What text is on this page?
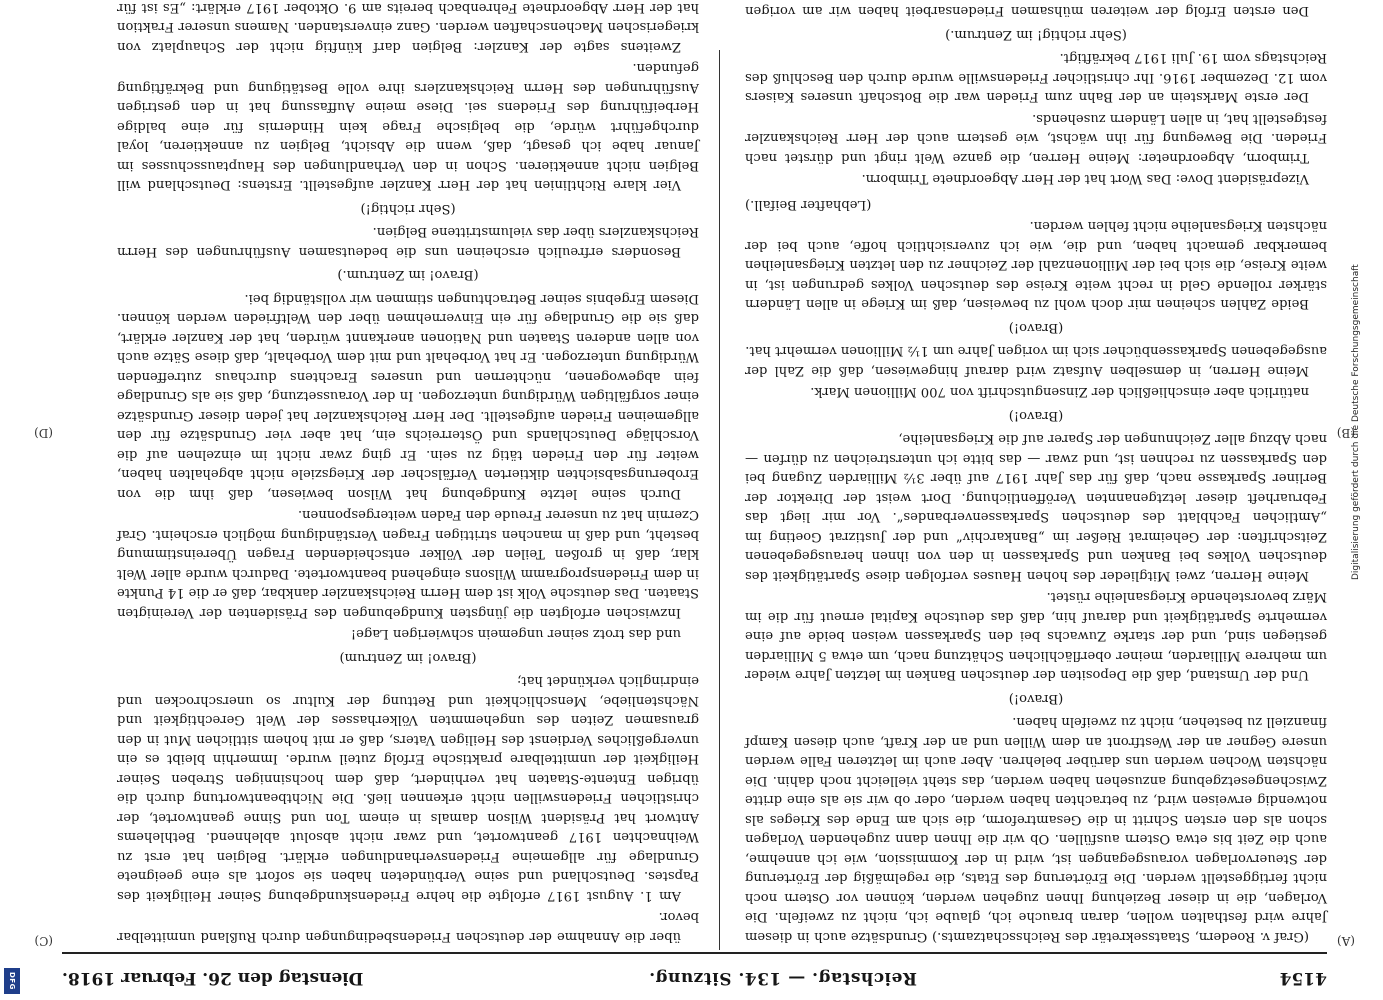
4154
Reichstag. — 134. Sitzung.
Dienstag den 26. Februar 1918.
(A)
(B)
(C)
(D)

(Graf v. Roedern, Staatssekretär des Reichsschatzamts.) Grundsätze auch in diesem Jahre wird festhalten wollen, daran brauche ich, glaube ich, nicht zu zweifeln. Die Vorlagen, die in dieser Beziehung Ihnen zugehen werden, können vor Ostern noch nicht fertiggestellt werden. Die Erörterung des Etats, die regelmäßig der Erörterung der Steuervorlagen vorausgegangen ist, wird in der Kommission, wie ich annehme, auch die Zeit bis etwa Ostern ausfüllen. Ob wir die Ihnen dann zugehenden Vorlagen schon als den ersten Schritt in die Gesamtreform, die sich am Ende des Krieges als notwendig erweisen wird, zu betrachten haben werden, oder ob wir sie als eine dritte Zwischengesetzgebung anzusehen haben werden, das steht vielleicht noch dahin. Die nächsten Wochen werden uns darüber belehren. Aber auch im letzteren Falle werden unsere Gegner an der Westfront an dem Willen und an der Kraft, auch diesen Kampf finanziell zu bestehen, nicht zu zweifeln haben.

(Bravo!)

Und der Umstand, daß die Depositen der deutschen Banken im letzten Jahre wieder um mehrere Milliarden, meiner oberflächlichen Schätzung nach, um etwa 5 Milliarden gestiegen sind, und der starke Zuwachs bei den Sparkassen weisen beide auf eine vermehrte Spartätigkeit und darauf hin, daß das deutsche Kapital erneut für die im März bevorstehende Kriegsanleihe rüstet.

Meine Herren, zwei Mitglieder des hohen Hauses verfolgen diese Spartätigkeit des deutschen Volkes bei Banken und Sparkassen in den von ihnen herausgegebenen Zeitschriften: der Geheimrat Rießer im „Bankarchiv“ und der Justizrat Goeting im „Amtlichen Fachblatt des deutschen Sparkassenverbandes“. Vor mir liegt das Februarheft dieser letztgenannten Veröffentlichung. Dort weist der Direktor der Berliner Sparkasse nach, daß für das Jahr 1917 auf über 3½ Milliarden Zugang bei den Sparkassen zu rechnen ist, und zwar — das bitte ich unterstreichen zu dürfen — nach Abzug aller Zeichnungen der Sparer auf die Kriegsanleihe,

(Bravo!)

natürlich aber einschließlich der Zinsengutschrift von 700 Millionen Mark.

Meine Herren, in demselben Aufsatz wird darauf hingewiesen, daß die Zahl der ausgegebenen Sparkassenbücher sich im vorigen Jahre um 1½ Millionen vermehrt hat.

(Bravo!)

Beide Zahlen scheinen mir doch wohl zu beweisen, daß im Kriege in allen Ländern stärker rollende Geld in recht weite Kreise des deutschen Volkes gedrungen ist, in weite Kreise, die sich bei der Millionenzahl der Zeichner zu den letzten Kriegsanleihen bemerkbar gemacht haben, und die, wie ich zuversichtlich hoffe, auch bei der nächsten Kriegsanleihe nicht fehlen werden.

(Lebhafter Beifall.)

Vizepräsident Dove: Das Wort hat der Herr Abgeordnete Trimborn.

Trimborn, Abgeordneter: Meine Herren, die ganze Welt ringt und dürstet nach Frieden. Die Bewegung für ihn wächst, wie gestern auch der Herr Reichskanzler festgestellt hat, in allen Ländern zusehends.

Der erste Markstein an der Bahn zum Frieden war die Botschaft unseres Kaisers vom 12. Dezember 1916. Ihr christlicher Friedenswille wurde durch den Beschluß des Reichstags vom 19. Juli 1917 bekräftigt.

(Sehr richtig! im Zentrum.)

Den ersten Erfolg der weiteren mühsamen Friedensarbeit haben wir am vorigen

über die Annahme der deutschen Friedensbedingungen durch Rußland unmittelbar bevor.

Am 1. August 1917 erfolgte die hehre Friedenskundgebung Seiner Heiligkeit des Papstes. Deutschland und seine Verbündeten haben sie sofort als eine geeignete Grundlage für allgemeine Friedensverhandlungen erklärt. Belgien hat erst zu Weihnachten 1917 geantwortet, und zwar nicht absolut ablehnend. Bethlehems Antwort hat Präsident Wilson damals in einem Ton und Sinne geantwortet, der christlichen Friedenswillen nicht erkennen ließ. Die Nichtbeantwortung durch die übrigen Entente-Staaten hat verhindert, daß dem hochsinnigen Streben Seiner Heiligkeit der unmittelbare praktische Erfolg zuteil wurde. Immerhin bleibt es ein unvergeßliches Verdienst des Heiligen Vaters, daß er mit hohem sittlichen Mut in den grausamen Zeiten des ungehemmten Völkerhasses der Welt Gerechtigkeit und Nächstenliebe, Menschlichkeit und Rettung der Kultur so unerschrocken und eindringlich verkündet hat;

(Bravo! im Zentrum)

und das trotz seiner ungemein schwierigen Lage!

Inzwischen erfolgten die jüngsten Kundgebungen des Präsidenten der Vereinigten Staaten. Das deutsche Volk ist dem Herrn Reichskanzler dankbar, daß er die 14 Punkte in dem Friedensprogramm Wilsons eingehend beantwortete. Dadurch wurde aller Welt klar, daß in großen Teilen der Völker entscheidenden Fragen Übereinstimmung besteht, und daß in manchen strittigen Fragen Verständigung möglich erscheint. Graf Czernin hat zu unserer Freude den Faden weitergesponnen.

Durch seine letzte Kundgebung hat Wilson bewiesen, daß ihm die von Eroberungsabsichten diktierten Verfälscher der Kriegsziele nicht abgehalten haben, weiter für den Frieden tätig zu sein. Er ging zwar nicht im einzelnen auf die Vorschläge Deutschlands und Österreichs ein, hat aber vier Grundsätze für den allgemeinen Frieden aufgestellt. Der Herr Reichskanzler hat jeden dieser Grundsätze einer sorgfältigen Würdigung unterzogen. In der Voraussetzung, daß sie als Grundlage fein abgewogenen, nüchternen und unseres Erachtens durchaus zutreffenden Würdigung unterzogen. Er hat Vorbehalt und mit dem Vorbehalt, daß diese Sätze auch von allen anderen Staaten und Nationen anerkannt würden, hat der Kanzler erklärt, daß sie die Grundlage für ein Einvernehmen über den Weltfrieden werden können. Diesem Ergebnis seiner Betrachtungen stimmen wir vollständig bei.

(Bravo! im Zentrum.)

Besonders erfreulich erscheinen uns die bedeutsamen Ausführungen des Herrn Reichskanzlers über das vielumstrittene Belgien.

(Sehr richtig!)

Vier klare Richtlinien hat der Herr Kanzler aufgestellt. Erstens: Deutschland will Belgien nicht annektieren. Schon in den Verhandlungen des Hauptausschusses im Januar habe ich gesagt, daß, wenn die Absicht, Belgien zu annektieren, loyal durchgeführt würde, die belgische Frage kein Hindernis für eine baldige Herbeiführung des Friedens sei. Diese meine Auffassung hat in den gestrigen Ausführungen des Herrn Reichskanzlers ihre volle Bestätigung und Bekräftigung gefunden.

Zweitens sagte der Kanzler: Belgien darf künftig nicht der Schauplatz von kriegerischen Machenschaften werden. Ganz einverstanden. Namens unserer Fraktion hat der Herr Abgeordnete Fehrenbach bereits am 9. Oktober 1917 erklärt: „Es ist für

Digitalisierung gefördert durch die Deutsche Forschungsgemeinschaft
DFG
